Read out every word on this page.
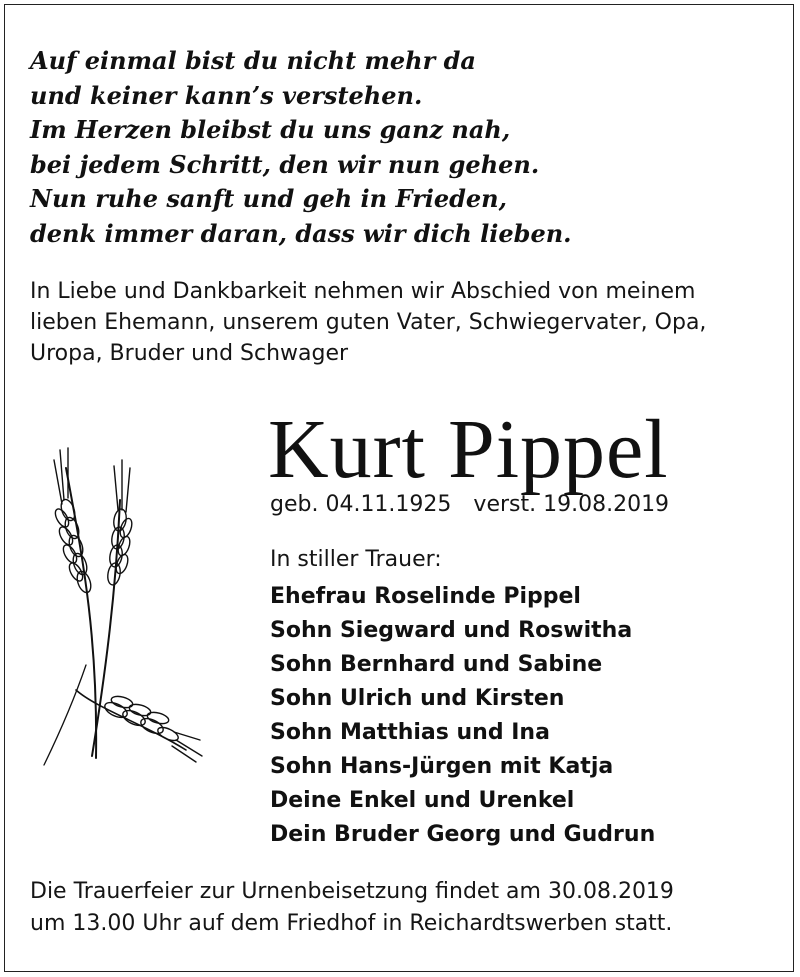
Auf einmal bist du nicht mehr da
und keiner kann’s verstehen.
Im Herzen bleibst du uns ganz nah,
bei jedem Schritt, den wir nun gehen.
Nun ruhe sanft und geh in Frieden,
denk immer daran, dass wir dich lieben.

In Liebe und Dankbarkeit nehmen wir Abschied von meinem
lieben Ehemann, unserem guten Vater, Schwiegervater, Opa,
Uropa, Bruder und Schwager

Kurt Pippel

geb. 04.11.1925 verst. 19.08.2019

In stiller Trauer:

Ehefrau Roselinde Pippel
Sohn Siegward und Roswitha
Sohn Bernhard und Sabine
Sohn Ulrich und Kirsten
Sohn Matthias und Ina
Sohn Hans-Jürgen mit Katja
Deine Enkel und Urenkel
Dein Bruder Georg und Gudrun

Die Trauerfeier zur Urnenbeisetzung findet am 30.08.2019
um 13.00 Uhr auf dem Friedhof in Reichardtswerben statt.
